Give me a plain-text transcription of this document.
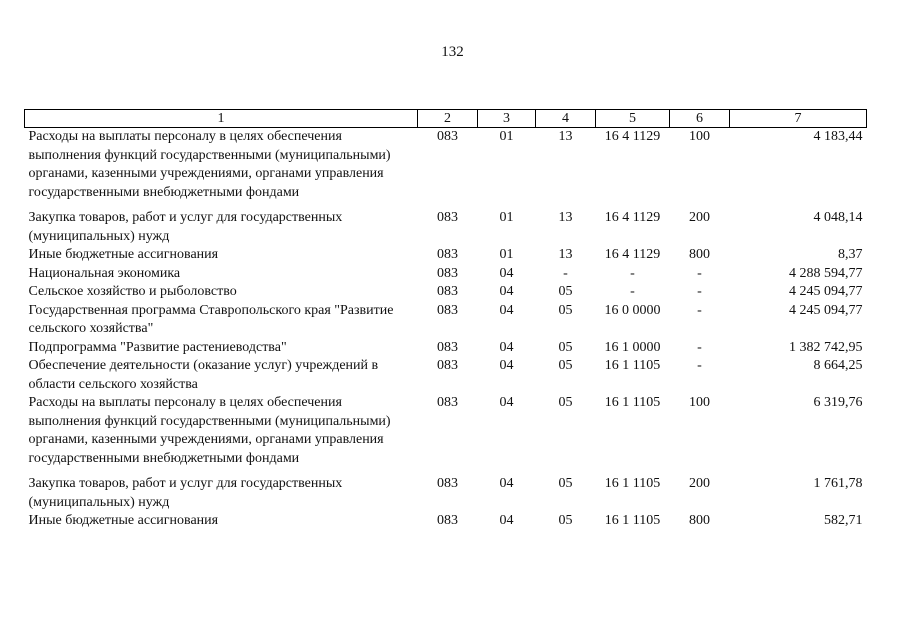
132
1	2	3	4	5	6	7
Расходы на выплаты персоналу в целях обеспечения выполнения функций государственными (муниципальными) органами, казенными учреждениями, органами управления государственными внебюджетными фондами	083	01	13	16 4 1129	100	4 183,44
Закупка товаров, работ и услуг для государственных (муниципальных) нужд	083	01	13	16 4 1129	200	4 048,14
Иные бюджетные ассигнования	083	01	13	16 4 1129	800	8,37
Национальная экономика	083	04	-	-	-	4 288 594,77
Сельское хозяйство и рыболовство	083	04	05	-	-	4 245 094,77
Государственная программа Ставропольского края "Развитие сельского хозяйства"	083	04	05	16 0 0000	-	4 245 094,77
Подпрограмма "Развитие растениеводства"	083	04	05	16 1 0000	-	1 382 742,95
Обеспечение деятельности (оказание услуг) учреждений в области сельского хозяйства	083	04	05	16 1 1105	-	8 664,25
Расходы на выплаты персоналу в целях обеспечения выполнения функций государственными (муниципальными) органами, казенными учреждениями, органами управления государственными внебюджетными фондами	083	04	05	16 1 1105	100	6 319,76
Закупка товаров, работ и услуг для государственных (муниципальных) нужд	083	04	05	16 1 1105	200	1 761,78
Иные бюджетные ассигнования	083	04	05	16 1 1105	800	582,71
